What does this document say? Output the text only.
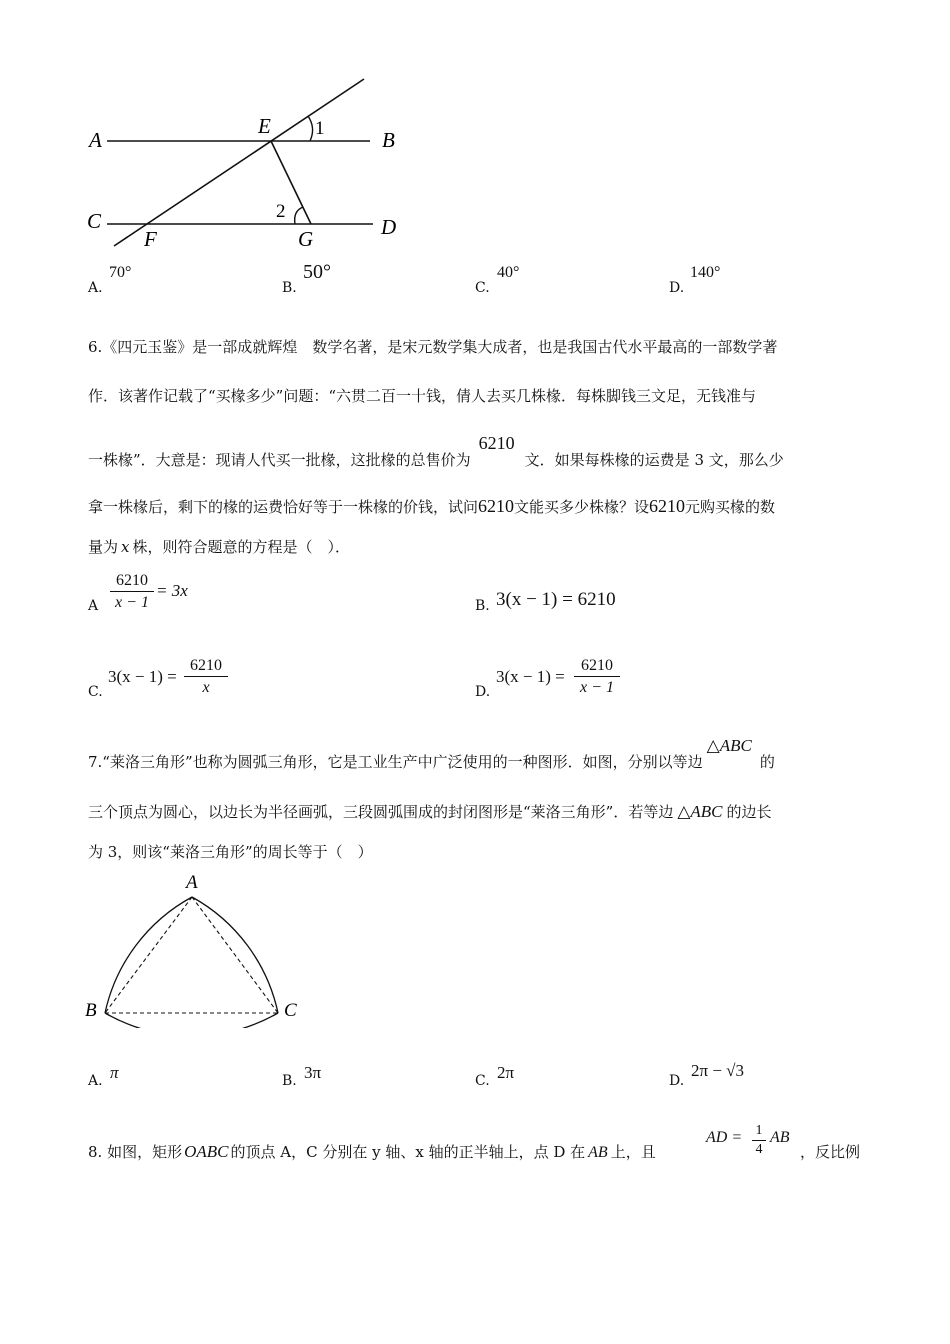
A	B
C	D
E
F	G
1
2
A.
70°
B.
50°
C.
40°
D.
140°
6.《四元玉鉴》是一部成就辉煌　数学名著，是宋元数学集大成者，也是我国古代水平最高的一部数学著
作．该著作记载了“买椽多少”问题：“六贯二百一十钱，倩人去买几株椽．每株脚钱三文足，无钱准与
一株椽”．大意是：现请人代买一批椽，这批椽的总售价为6210文．如果每株椽的运费是 3 文，那么少
拿一株椽后，剩下的椽的运费恰好等于一株椽的价钱，试问6210文能买多少株椽？设6210元购买椽的数
量为 x 株，则符合题意的方程是（　）．
A
6210
x − 1
= 3x
B. 3(x − 1) = 6210
C.
3(x − 1) =
6210
x	D.
3(x − 1) =
6210
x − 1
7.“莱洛三角形”也称为圆弧三角形，它是工业生产中广泛使用的一种图形．如图，分别以等边△ABC的
三个顶点为圆心，以边长为半径画弧，三段圆弧围成的封闭图形是“莱洛三角形”．若等边 △ABC 的边长
为 3，则该“莱洛三角形”的周长等于（　）
A
B	C
A. π	B. 3π	C. 2π	D.
2π − √3
8. 如图，矩形 OABC 的顶点 A，C 分别在 y 轴、x 轴的正半轴上，点 D 在 AB 上，且
AD = 1
4
AB
，反比例
